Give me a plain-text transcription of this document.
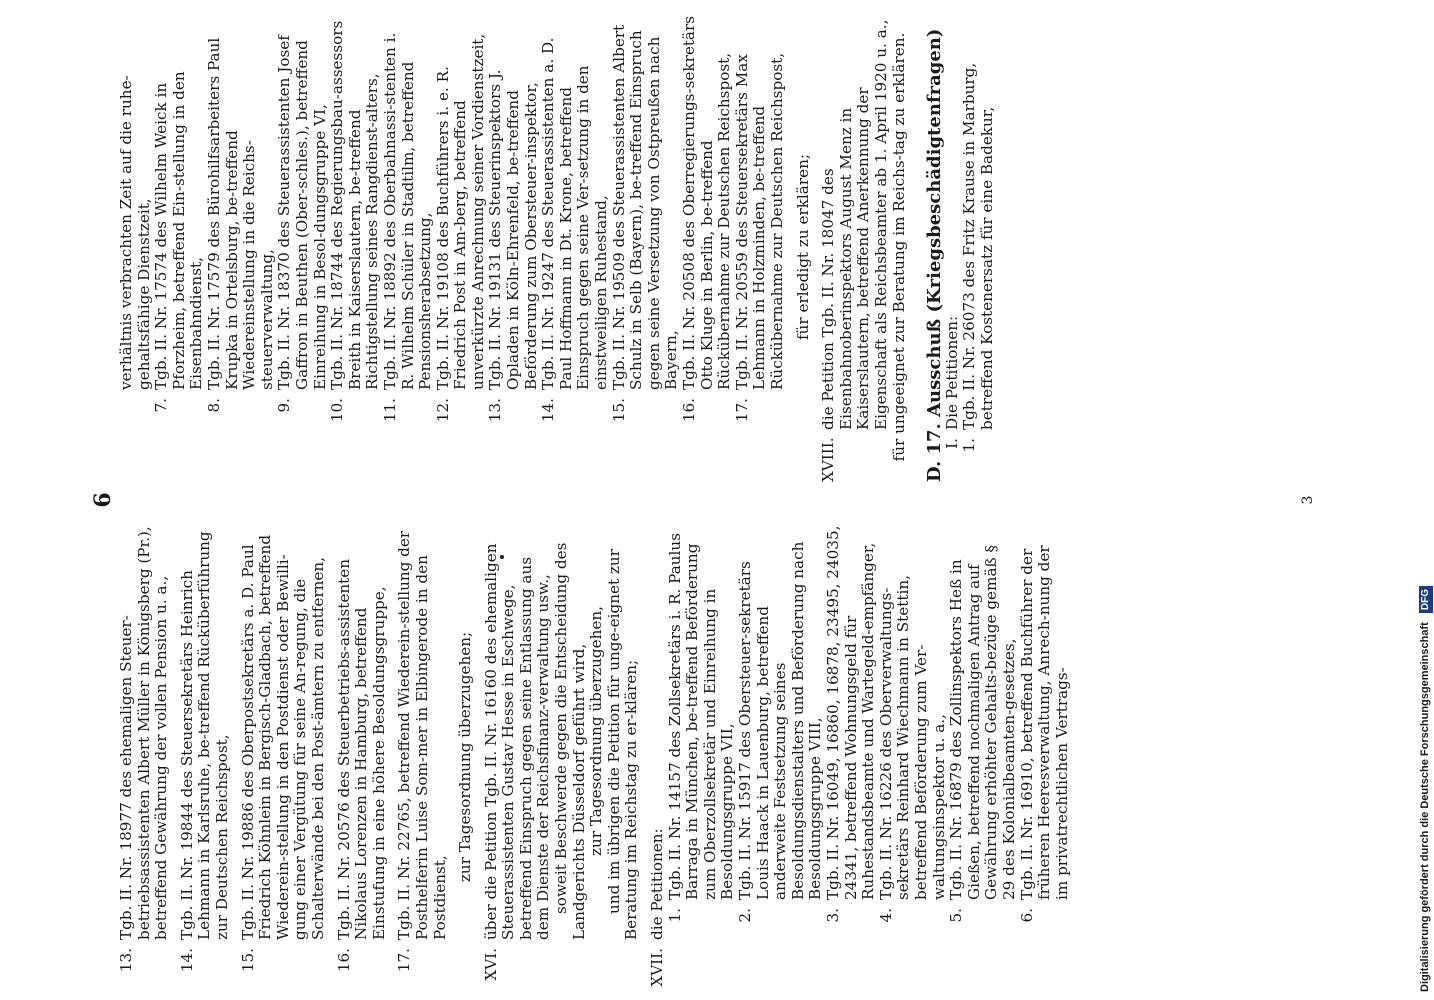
6
13.

Tgb. II. Nr. 18977 des ehemaligen Steuer-betriebsassistenten Albert Müller in Königsberg (Pr.), betreffend Gewährung der vollen Pension u. a.,

14.

Tgb. II. Nr. 19844 des Steuersekretärs Heinrich Lehmann in Karlsruhe, be-treffend Rücküberführung zur Deutschen Reichspost,

15.

Tgb. II. Nr. 19886 des Oberpostsekretärs a. D. Paul Friedrich Köhnlein in Bergisch-Gladbach, betreffend Wiederein-stellung in den Postdienst oder Bewilli-gung einer Vergütung für seine An-regung, die Schalterwände bei den Post-ämtern zu entfernen,

16.

Tgb. II. Nr. 20576 des Steuerbetriebs-assistenten Nikolaus Lorenzen in Hamburg, betreffend Einstufung in eine höhere Besoldungsgruppe,

17.

Tgb. II. Nr. 22765, betreffend Wiederein-stellung der Posthelferin Luise Som-mer in Elbingerode in den Postdienst,

zur Tagesordnung überzugehen;

XVI.

über die Petition Tgb. II. Nr. 16160 des ehemaligen Steuerassistenten Gustav Hesse in Eschwege, betreffend Einspruch gegen seine Entlassung aus dem Dienste der Reichsfinanz-verwaltung usw., soweit Beschwerde gegen die Entscheidung des Landgerichts Düsseldorf geführt wird, zur Tagesordnung überzugehen, und im übrigen die Petition für unge-eignet zur Beratung im Reichstag zu er-klären;

XVII.

die Petitionen: 1.

Tgb. II. Nr. 14157 des Zollsekretärs i. R. Paulus Barraga in München, be-treffend Beförderung zum Oberzollsekretär und Einreihung in Besoldungsgruppe VII,

2.

Tgb. II. Nr. 15917 des Obersteuer-sekretärs Louis Haack in Lauenburg, betreffend anderweite Festsetzung seines Besoldungsdienstalters und Beförderung nach Besoldungsgruppe VIII,

3.

Tgb. II. Nr. 16049, 16860, 16878, 23495, 24035, 24341, betreffend Wohnungsgeld für Ruhestandsbeamte und Wartegeld-empfänger,

4.

Tgb. II. Nr. 16226 des Oberverwaltungs-sekretärs Reinhard Wiechmann in Stettin, betreffend Beförderung zum Ver-waltungsinspektor u. a.,

5.

Tgb. II. Nr. 16879 des Zollinspektors Heß in Gießen, betreffend nochmaligen Antrag auf Gewährung erhöhter Gehalts-bezüge gemäß § 29 des Kolonialbeamten-gesetzes,

6.

Tgb. II. Nr. 16910, betreffend Buchführer der früheren Heeresverwaltung, Anrech-nung der im privatrechtlichen Vertrags-

verhältnis verbrachten Zeit auf die ruhe-gehaltsfähige Dienstzeit,

7.

Tgb. II. Nr. 17574 des Wilhelm Weick in Pforzheim, betreffend Ein-stellung in den Eisenbahndienst,

8.

Tgb. II. Nr. 17579 des Bürohilfsarbeiters Paul Krupka in Ortelsburg, be-treffend Wiedereinstellung in die Reichs-steuerverwaltung,

9.

Tgb. II. Nr. 18370 des Steuerassistenten Josef Gaffron in Beuthen (Ober-schles.), betreffend Einreihung in Besol-dungsgruppe VI,

10.

Tgb. II. Nr. 18744 des Regierungsbau-assessors Breith in Kaiserslautern, be-treffend Richtigstellung seines Rangdienst-alters,

11.

Tgb. II. Nr. 18892 des Oberbahnassi-stenten i. R. Wilhelm Schüler in Stadtilm, betreffend Pensionsherabsetzung,

12.

Tgb. II. Nr. 19108 des Buchführers i. e. R. Friedrich Post in Am-berg, betreffend unverkürzte Anrechnung seiner Vordienstzeit,

13.

Tgb. II. Nr. 19131 des Steuerinspektors J. Opladen in Köln-Ehrenfeld, be-treffend Beförderung zum Obersteuer-inspektor,

14.

Tgb. II. Nr. 19247 des Steuerassistenten a. D. Paul Hoffmann in Dt. Krone, betreffend Einspruch gegen seine Ver-setzung in den einstweiligen Ruhestand,

15.

Tgb. II. Nr. 19509 des Steuerassistenten Albert Schulz in Selb (Bayern), be-treffend Einspruch gegen seine Versetzung von Ostpreußen nach Bayern,

16.

Tgb. II. Nr. 20508 des Oberregierungs-sekretärs Otto Kluge in Berlin, be-treffend Rückübernahme zur Deutschen Reichspost,

17.

Tgb. II. Nr. 20559 des Steuersekretärs Max Lehmann in Holzminden, be-treffend Rückübernahme zur Deutschen Reichspost, für erledigt zu erklären;

XVIII.

die Petition Tgb. II. Nr. 18047 des Eisenbahnoberinspektors August Menz in Kaiserslautern, betreffend Anerkennung der Eigenschaft als Reichsbeamter ab 1. April 1920 u. a., für ungeeignet zur Beratung im Reichs-tag zu erklären. D. 17. Ausschuß (Kriegsbeschädigtenfragen)

I.

Die Petitionen:

1.

Tgb. II. Nr. 26073 des Fritz Krause in Marburg, betreffend Kostenersatz für eine Badekur,

3
Digitalisierung gefördert durch die Deutsche Forschungsgemeinschaft DFG
